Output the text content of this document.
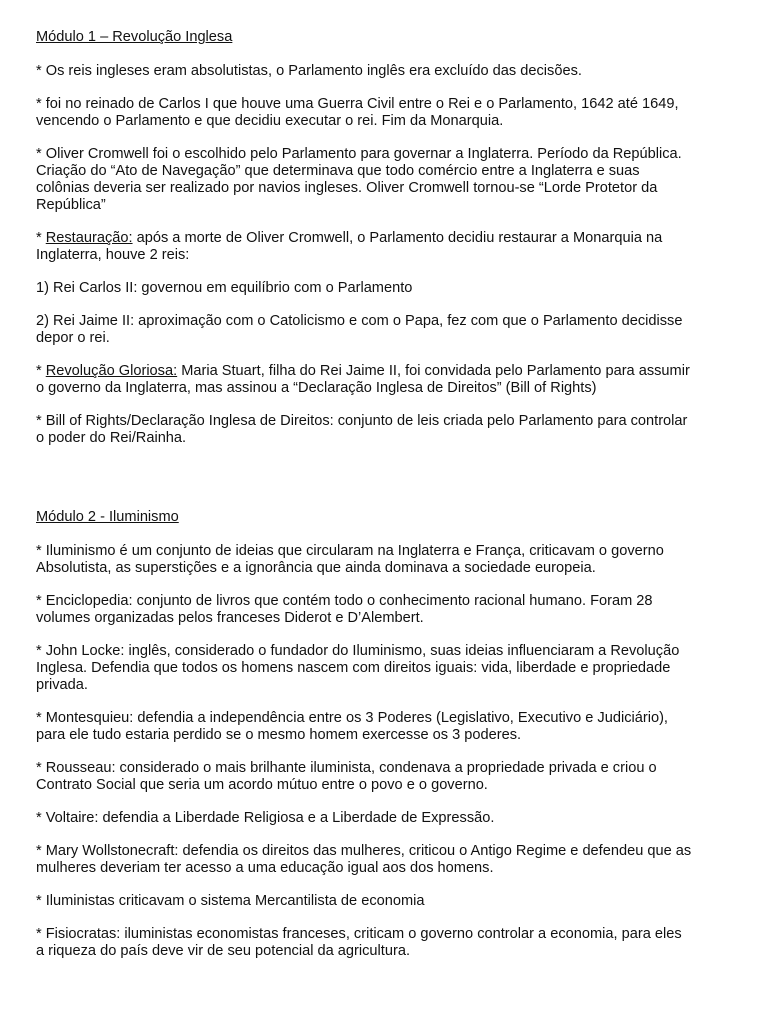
Módulo 1 – Revolução Inglesa

* Os reis ingleses eram absolutistas, o Parlamento inglês era excluído das decisões.

* foi no reinado de Carlos I que houve uma Guerra Civil entre o Rei e o Parlamento, 1642 até 1649,
vencendo o Parlamento e que decidiu executar o rei. Fim da Monarquia.

* Oliver Cromwell foi o escolhido pelo Parlamento para governar a Inglaterra. Período da República.
Criação do “Ato de Navegação” que determinava que todo comércio entre a Inglaterra e suas
colônias deveria ser realizado por navios ingleses. Oliver Cromwell tornou-se “Lorde Protetor da
República”

* Restauração: após a morte de Oliver Cromwell, o Parlamento decidiu restaurar a Monarquia na
Inglaterra, houve 2 reis:

1) Rei Carlos II: governou em equilíbrio com o Parlamento

2) Rei Jaime II: aproximação com o Catolicismo e com o Papa, fez com que o Parlamento decidisse
depor o rei.

* Revolução Gloriosa: Maria Stuart, filha do Rei Jaime II, foi convidada pelo Parlamento para assumir
o governo da Inglaterra, mas assinou a “Declaração Inglesa de Direitos” (Bill of Rights)

* Bill of Rights/Declaração Inglesa de Direitos: conjunto de leis criada pelo Parlamento para controlar
o poder do Rei/Rainha.

Módulo 2 - Iluminismo

* Iluminismo é um conjunto de ideias que circularam na Inglaterra e França, criticavam o governo
Absolutista, as superstições e a ignorância que ainda dominava a sociedade europeia.

* Enciclopedia: conjunto de livros que contém todo o conhecimento racional humano. Foram 28
volumes organizadas pelos franceses Diderot e D’Alembert.

* John Locke: inglês, considerado o fundador do Iluminismo, suas ideias influenciaram a Revolução
Inglesa. Defendia que todos os homens nascem com direitos iguais: vida, liberdade e propriedade
privada.

* Montesquieu: defendia a independência entre os 3 Poderes (Legislativo, Executivo e Judiciário),
para ele tudo estaria perdido se o mesmo homem exercesse os 3 poderes.

* Rousseau: considerado o mais brilhante iluminista, condenava a propriedade privada e criou o
Contrato Social que seria um acordo mútuo entre o povo e o governo.

* Voltaire: defendia a Liberdade Religiosa e a Liberdade de Expressão.

* Mary Wollstonecraft: defendia os direitos das mulheres, criticou o Antigo Regime e defendeu que as
mulheres deveriam ter acesso a uma educação igual aos dos homens.

* Iluministas criticavam o sistema Mercantilista de economia

* Fisiocratas: iluministas economistas franceses, criticam o governo controlar a economia, para eles
a riqueza do país deve vir de seu potencial da agricultura.
